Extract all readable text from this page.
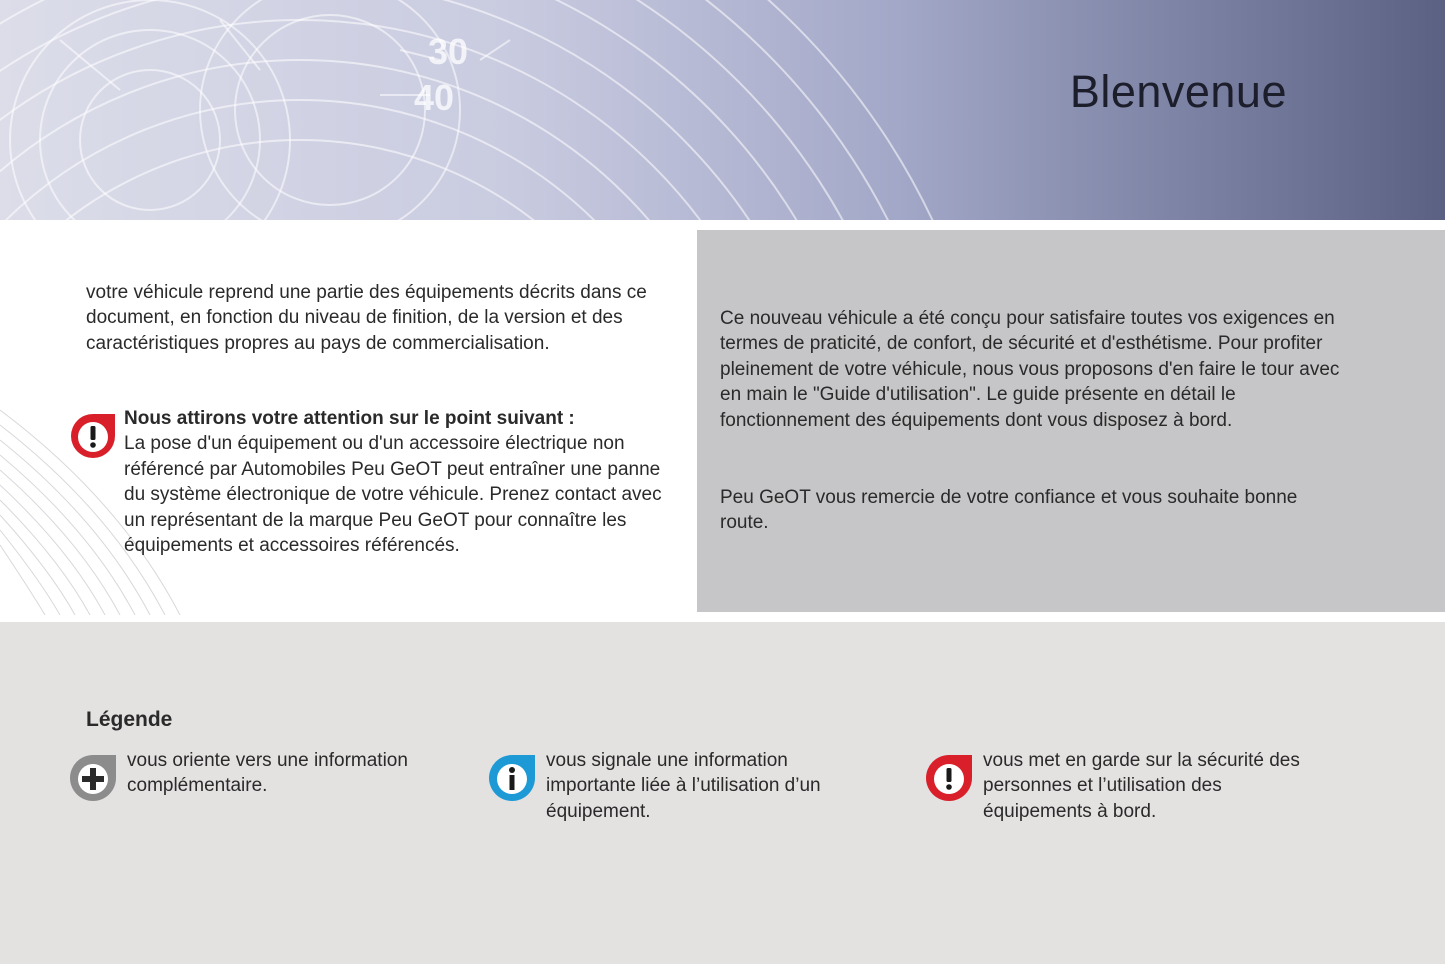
30
40	Blenvenue

votre véhicule reprend une partie des équipements décrits dans ce document, en fonction du niveau de finition, de la version et des caractéristiques propres au pays de commercialisation.

Nous attirons votre attention sur le point suivant :

La pose d'un équipement ou d'un accessoire électrique non référencé par Automobiles Peu GeOT peut entraîner une panne du système électronique de votre véhicule. Prenez contact avec un représentant de la marque Peu GeOT pour connaître les équipements et accessoires référencés.

Ce nouveau véhicule a été conçu pour satisfaire toutes vos exigences en termes de praticité, de confort, de sécurité et d'esthétisme. Pour profiter pleinement de votre véhicule, nous vous proposons d'en faire le tour avec en main le "Guide d'utilisation". Le guide présente en détail le fonctionnement des équipements dont vous disposez à bord.

Peu GeOT vous remercie de votre confiance et vous souhaite bonne route.

Légende

vous oriente vers une information complémentaire.
vous signale une information importante liée à l’utilisation d’un équipement.
vous met en garde sur la sécurité des personnes et l’utilisation des équipements à bord.
